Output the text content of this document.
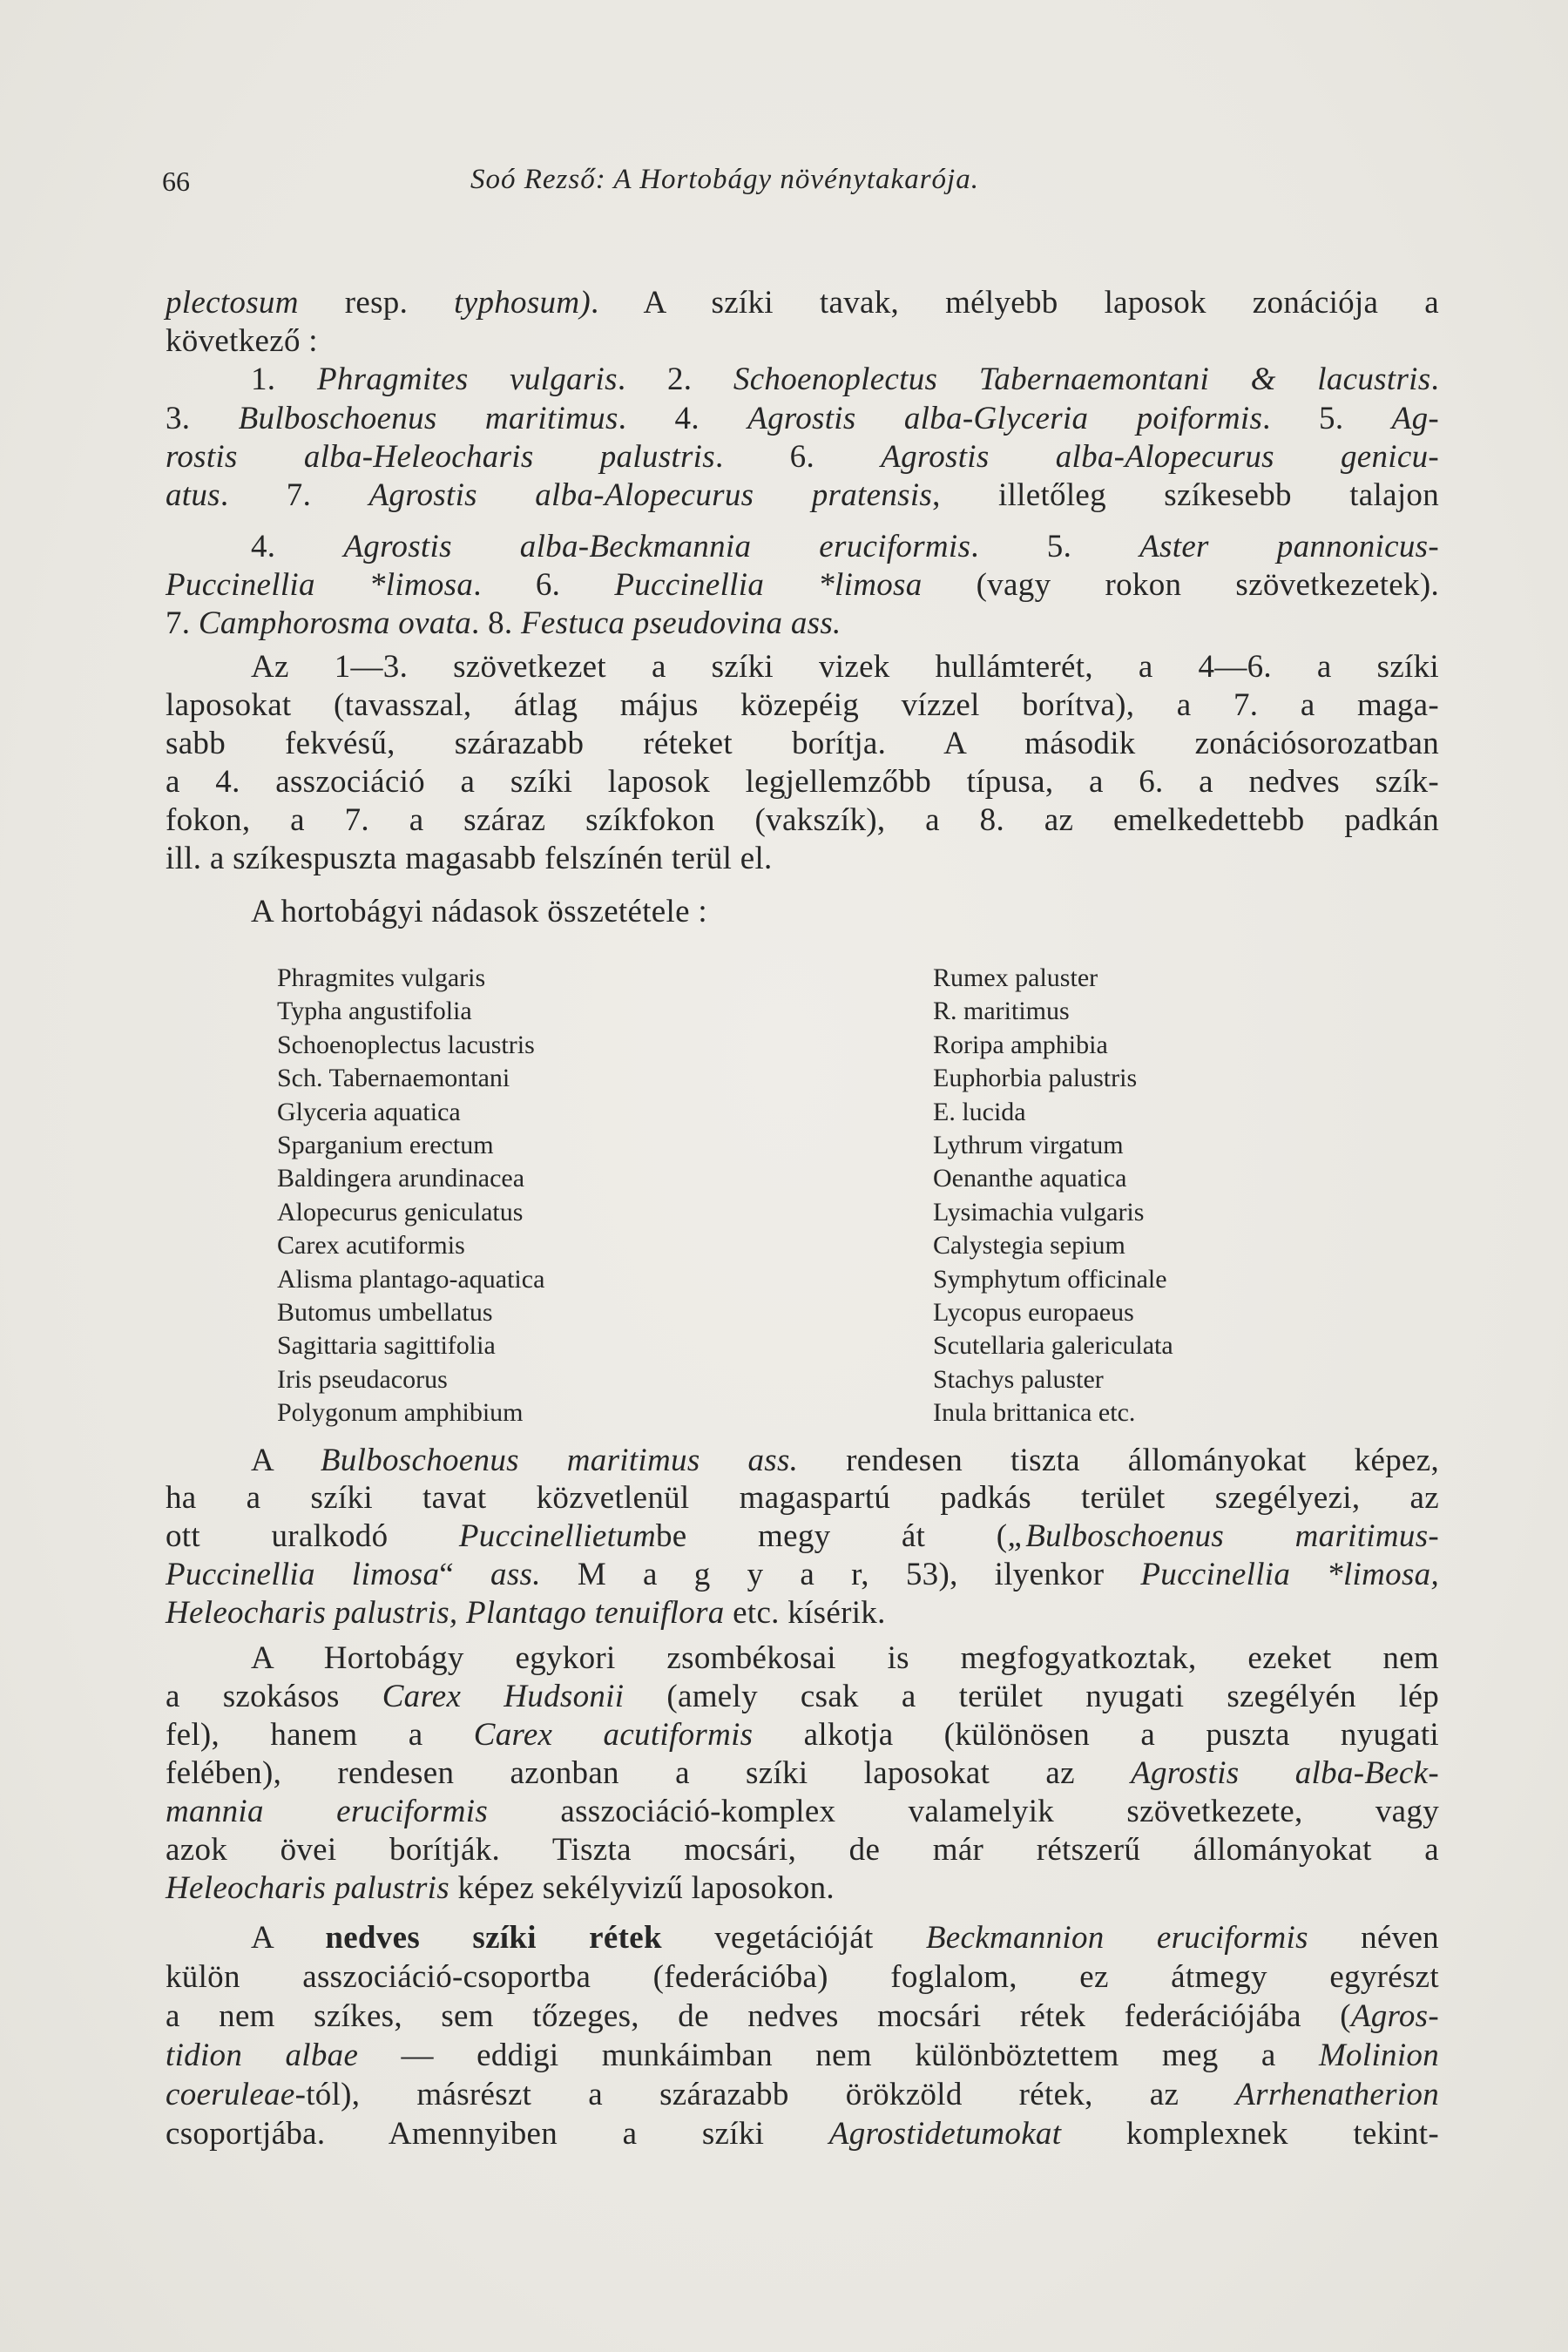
66	Soó Rezső: A Hortobágy növénytakarója.
plectosum resp. typhosum). A szíki tavak, mélyebb laposok zonációja a
következő :
1. Phragmites vulgaris. 2. Schoenoplectus Tabernaemontani & lacustris.
3. Bulboschoenus maritimus. 4. Agrostis alba-Glyceria poiformis. 5. Ag-
rostis alba-Heleocharis palustris. 6. Agrostis alba-Alopecurus genicu-
atus. 7. Agrostis alba-Alopecurus pratensis, illetőleg szíkesebb talajon
4. Agrostis alba-Beckmannia eruciformis. 5. Aster pannonicus-
Puccinellia *limosa. 6. Puccinellia *limosa (vagy rokon szövetkezetek).
7. Camphorosma ovata. 8. Festuca pseudovina ass.
Az 1—3. szövetkezet a szíki vizek hullámterét, a 4—6. a szíki
laposokat (tavasszal, átlag május közepéig vízzel borítva), a 7. a maga-
sabb fekvésű, szárazabb réteket borítja. A második zonációsorozatban
a 4. asszociáció a szíki laposok legjellemzőbb típusa, a 6. a nedves szík-
fokon, a 7. a száraz szíkfokon (vakszík), a 8. az emelkedettebb padkán
ill. a szíkespuszta magasabb felszínén terül el.
A hortobágyi nádasok összetétele :
Phragmites vulgaris
Typha angustifolia
Schoenoplectus lacustris
Sch. Tabernaemontani
Glyceria aquatica
Sparganium erectum
Baldingera arundinacea
Alopecurus geniculatus
Carex acutiformis
Alisma plantago-aquatica
Butomus umbellatus
Sagittaria sagittifolia
Iris pseudacorus
Polygonum amphibium
Rumex paluster
R. maritimus
Roripa amphibia
Euphorbia palustris
E. lucida
Lythrum virgatum
Oenanthe aquatica
Lysimachia vulgaris
Calystegia sepium
Symphytum officinale
Lycopus europaeus
Scutellaria galericulata
Stachys paluster
Inula brittanica etc.
A Bulboschoenus maritimus ass. rendesen tiszta állományokat képez,
ha a szíki tavat közvetlenül magaspartú padkás terület szegélyezi, az
ott uralkodó Puccinellietumbe megy át („Bulboschoenus maritimus-
Puccinellia limosa“ ass. M a g y a r, 53), ilyenkor Puccinellia *limosa,
Heleocharis palustris, Plantago tenuiflora etc. kísérik.
A Hortobágy egykori zsombékosai is megfogyatkoztak, ezeket nem
a szokásos Carex Hudsonii (amely csak a terület nyugati szegélyén lép
fel), hanem a Carex acutiformis alkotja (különösen a puszta nyugati
felében), rendesen azonban a szíki laposokat az Agrostis alba-Beck-
mannia eruciformis asszociáció-komplex valamelyik szövetkezete, vagy
azok övei borítják. Tiszta mocsári, de már rétszerű állományokat a
Heleocharis palustris képez sekélyvizű laposokon.
A nedves szíki rétek vegetációját Beckmannion eruciformis néven
külön asszociáció-csoportba (federációba) foglalom, ez átmegy egyrészt
a nem szíkes, sem tőzeges, de nedves mocsári rétek federációjába (Agros-
tidion albae — eddigi munkáimban nem különböztettem meg a Molinion
coeruleae-tól), másrészt a szárazabb örökzöld rétek, az Arrhenatherion
csoportjába. Amennyiben a szíki Agrostidetumokat komplexnek tekint-
